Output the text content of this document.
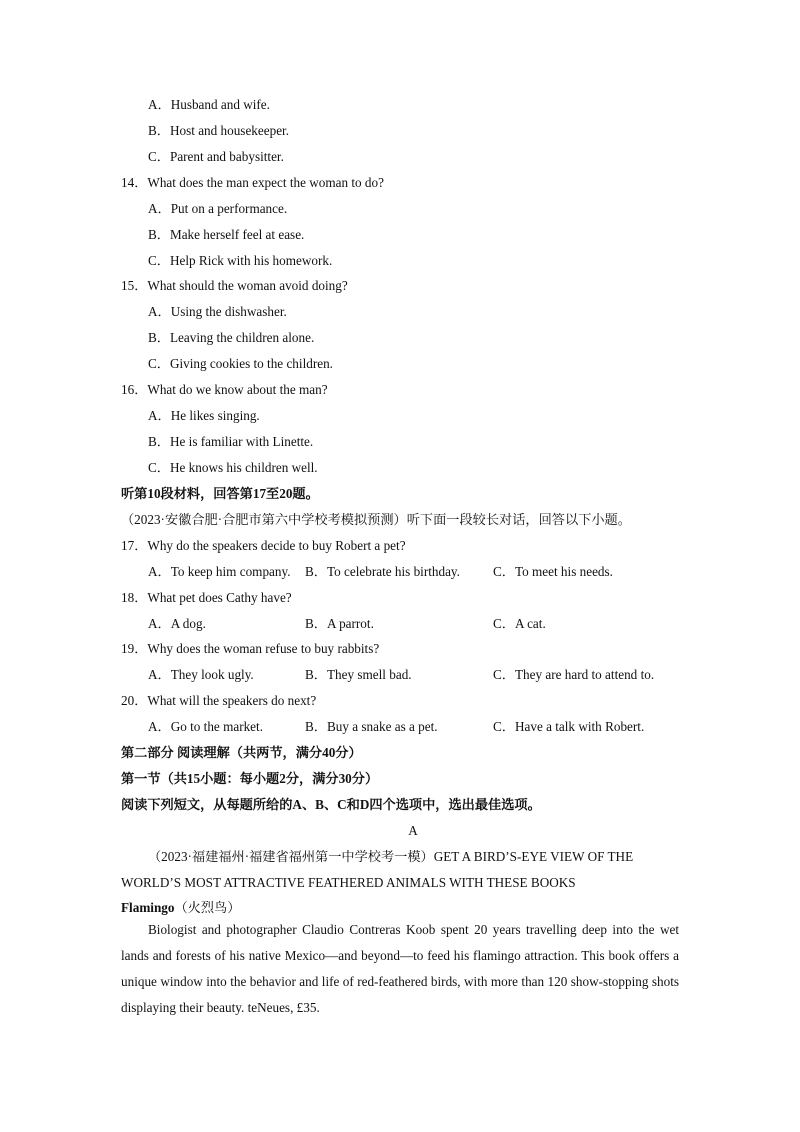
A．Husband and wife.
B．Host and housekeeper.
C．Parent and babysitter.
14．What does the man expect the woman to do?
A．Put on a performance.
B．Make herself feel at ease.
C．Help Rick with his homework.
15．What should the woman avoid doing?
A．Using the dishwasher.
B．Leaving the children alone.
C．Giving cookies to the children.
16．What do we know about the man?
A．He likes singing.
B．He is familiar with Linette.
C．He knows his children well.
听第10段材料，回答第17至20题。
（2023·安徽合肥·合肥市第六中学校考模拟预测）听下面一段较长对话，回答以下小题。
17．Why do the speakers decide to buy Robert a pet?
A．To keep him company. B．To celebrate his birthday.	C．To meet his needs.
18．What pet does Cathy have?
A．A dog.	B．A parrot.	C．A cat.
19．Why does the woman refuse to buy rabbits?
A．They look ugly.	B．They smell bad.	C．They are hard to attend to.
20．What will the speakers do next?
A．Go to the market.	B．Buy a snake as a pet.	C．Have a talk with Robert.
第二部分 阅读理解（共两节，满分40分）
第一节（共15小题：每小题2分，满分30分）
阅读下列短文，从每题所给的A、B、C和D四个选项中，选出最佳选项。
A
（2023·福建福州·福建省福州第一中学校考一模）GET A BIRD’S-EYE VIEW OF THE
WORLD’S MOST ATTRACTIVE FEATHERED ANIMALS WITH THESE BOOKS
Flamingo（火烈鸟）
Biologist and photographer Claudio Contreras Koob spent 20 years travelling deep into the wet lands and forests of his native Mexico—and beyond—to feed his flamingo attraction. This book offers a unique window into the behavior and life of red-feathered birds, with more than 120 show-stopping shots displaying their beauty. teNeues, £35.
